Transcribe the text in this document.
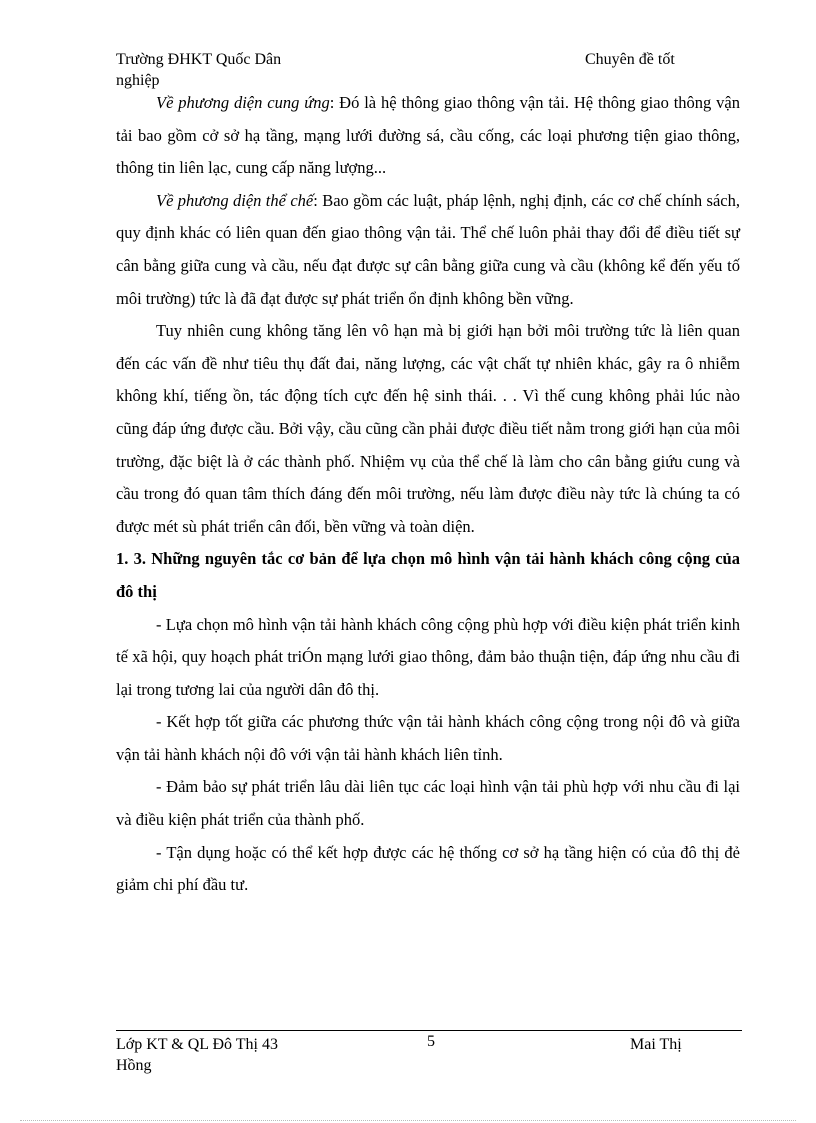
Trường ĐHKT Quốc Dân	Chuyên đề tốt
nghiệp

Về phương diện cung ứng: Đó là hệ thông giao thông vận tải. Hệ thông giao thông vận tải bao gồm cở sở hạ tầng, mạng lưới đường sá, cầu cống, các loại phương tiện giao thông, thông tin liên lạc, cung cấp năng lượng...

Về phương diện thể chế: Bao gồm các luật, pháp lệnh, nghị định, các cơ chế chính sách, quy định khác có liên quan đến giao thông vận tải. Thể chế luôn phải thay đổi để điều tiết sự cân bằng giữa cung và cầu, nếu đạt được sự cân bằng giữa cung và cầu (không kể đến yếu tố môi trường) tức là đã đạt được sự phát triển ổn định không bền vững.

Tuy nhiên cung không tăng lên vô hạn mà bị giới hạn bởi môi trường tức là liên quan đến các vấn đề như tiêu thụ đất đai, năng lượng, các vật chất tự nhiên khác, gây ra ô nhiễm không khí, tiếng ồn, tác động tích cực đến hệ sinh thái. . . Vì thế cung không phải lúc nào cũng đáp ứng được cầu. Bởi vậy, cầu cũng cần phải được điều tiết nằm trong giới hạn của môi trường, đặc biệt là ở các thành phố. Nhiệm vụ của thể chế là làm cho cân bằng giứu cung và cầu trong đó quan tâm thích đáng đến môi trường, nếu làm được điều này tức là chúng ta có được mét sù phát triển cân đối, bền vững và toàn diện.

1. 3. Những nguyên tắc cơ bản để lựa chọn mô hình vận tải hành khách công cộng của đô thị

- Lựa chọn mô hình vận tải hành khách công cộng phù hợp với điều kiện phát triển kinh tế xã hội, quy hoạch phát triÓn mạng lưới giao thông, đảm bảo thuận tiện, đáp ứng nhu cầu đi lại trong tương lai của người dân đô thị.

- Kết hợp tốt giữa các phương thức vận tải hành khách công cộng trong nội đô và giữa vận tải hành khách nội đô với vận tải hành khách liên tỉnh.

- Đảm bảo sự phát triển lâu dài liên tục các loại hình vận tải phù hợp với nhu cầu đi lại và điều kiện phát triển của thành phố.

- Tận dụng hoặc có thể kết hợp được các hệ thống cơ sở hạ tầng hiện có của đô thị đẻ giảm chi phí đầu tư.

Lớp KT & QL Đô Thị 43	5	Mai Thị
Hồng
